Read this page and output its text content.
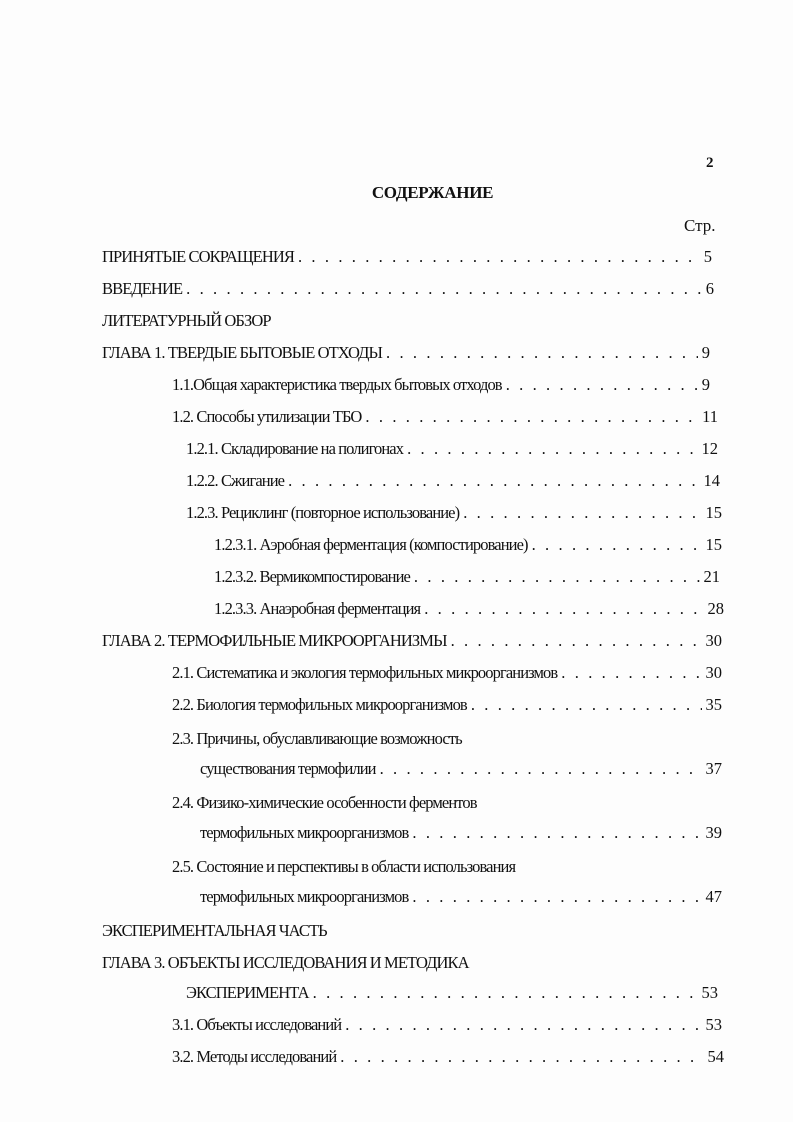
2
СОДЕРЖАНИЕ
Стр.
ПРИНЯТЫЕ СОКРАЩЕНИЯ . . .	5
ВВЕДЕНИЕ . . .	6
ЛИТЕРАТУРНЫЙ ОБЗОР
ГЛАВА 1. ТВЕРДЫЕ БЫТОВЫЕ ОТХОДЫ . . .	9
1.1.Общая характеристика твердых бытовых отходов . . .	9
1.2. Способы утилизации ТБО . . .	11
1.2.1. Складирование на полигонах . . .	12
1.2.2. Сжигание . . .	14
1.2.3. Рециклинг (повторное использование) . . .	15
1.2.3.1. Аэробная ферментация (компостирование) . . .	15
1.2.3.2. Вермикомпостирование . . .	21
1.2.3.3. Анаэробная ферментация . . .	28
ГЛАВА 2. ТЕРМОФИЛЬНЫЕ МИКРООРГАНИЗМЫ . . .	30
2.1. Систематика и экология термофильных микроорганизмов . . .	30
2.2. Биология термофильных микроорганизмов . . .	35
2.3. Причины, обуславливающие возможность
существования термофилии . . .	37
2.4. Физико-химические особенности ферментов
термофильных микроорганизмов . . .	39
2.5. Состояние и перспективы в области использования
термофильных микроорганизмов . . .	47
ЭКСПЕРИМЕНТАЛЬНАЯ ЧАСТЬ
ГЛАВА 3. ОБЪЕКТЫ ИССЛЕДОВАНИЯ И МЕТОДИКА
ЭКСПЕРИМЕНТА . . .	53
3.1. Объекты исследований . . .	53
3.2. Методы исследований . . .	54
